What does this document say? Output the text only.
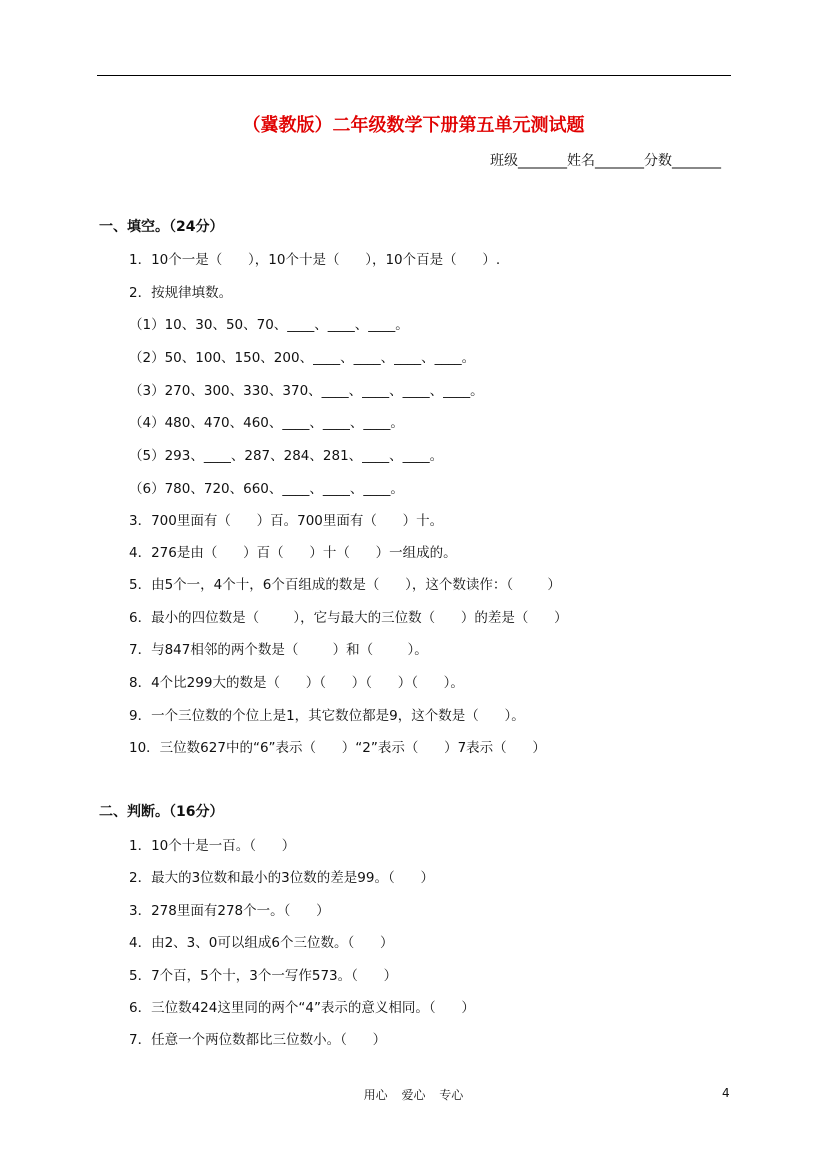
（冀教版）二年级数学下册第五单元测试题
班级_______姓名_______分数_______
一、填空。（24分）
1．10个一是（      ），10个十是（      ），10个百是（      ）.
2．按规律填数。
（1）10、30、50、70、____、____、____。
（2）50、100、150、200、____、____、____、____。
（3）270、300、330、370、____、____、____、____。
（4）480、470、460、____、____、____。
（5）293、____、287、284、281、____、____。
（6）780、720、660、____、____、____。
3．700里面有（      ）百。700里面有（      ）十。
4．276是由（      ）百（      ）十（      ）一组成的。
5．由5个一，4个十，6个百组成的数是（      ），这个数读作：（        ）
6．最小的四位数是（        ），它与最大的三位数（      ）的差是（      ）
7．与847相邻的两个数是（        ）和（        ）。
8．4个比299大的数是（      ）（      ）（      ）（      ）。
9．一个三位数的个位上是1，其它数位都是9，这个数是（      ）。
10．三位数627中的“6”表示（      ）“2”表示（      ）7表示（      ）
二、判断。（16分）
1．10个十是一百。（      ）
2．最大的3位数和最小的3位数的差是99。（      ）
3．278里面有278个一。（      ）
4．由2、3、0可以组成6个三位数。（      ）
5．7个百，5个十，3个一写作573。（      ）
6．三位数424这里同的两个“4”表示的意义相同。（      ）
7．任意一个两位数都比三位数小。（      ）
用心 爱心 专心	4
